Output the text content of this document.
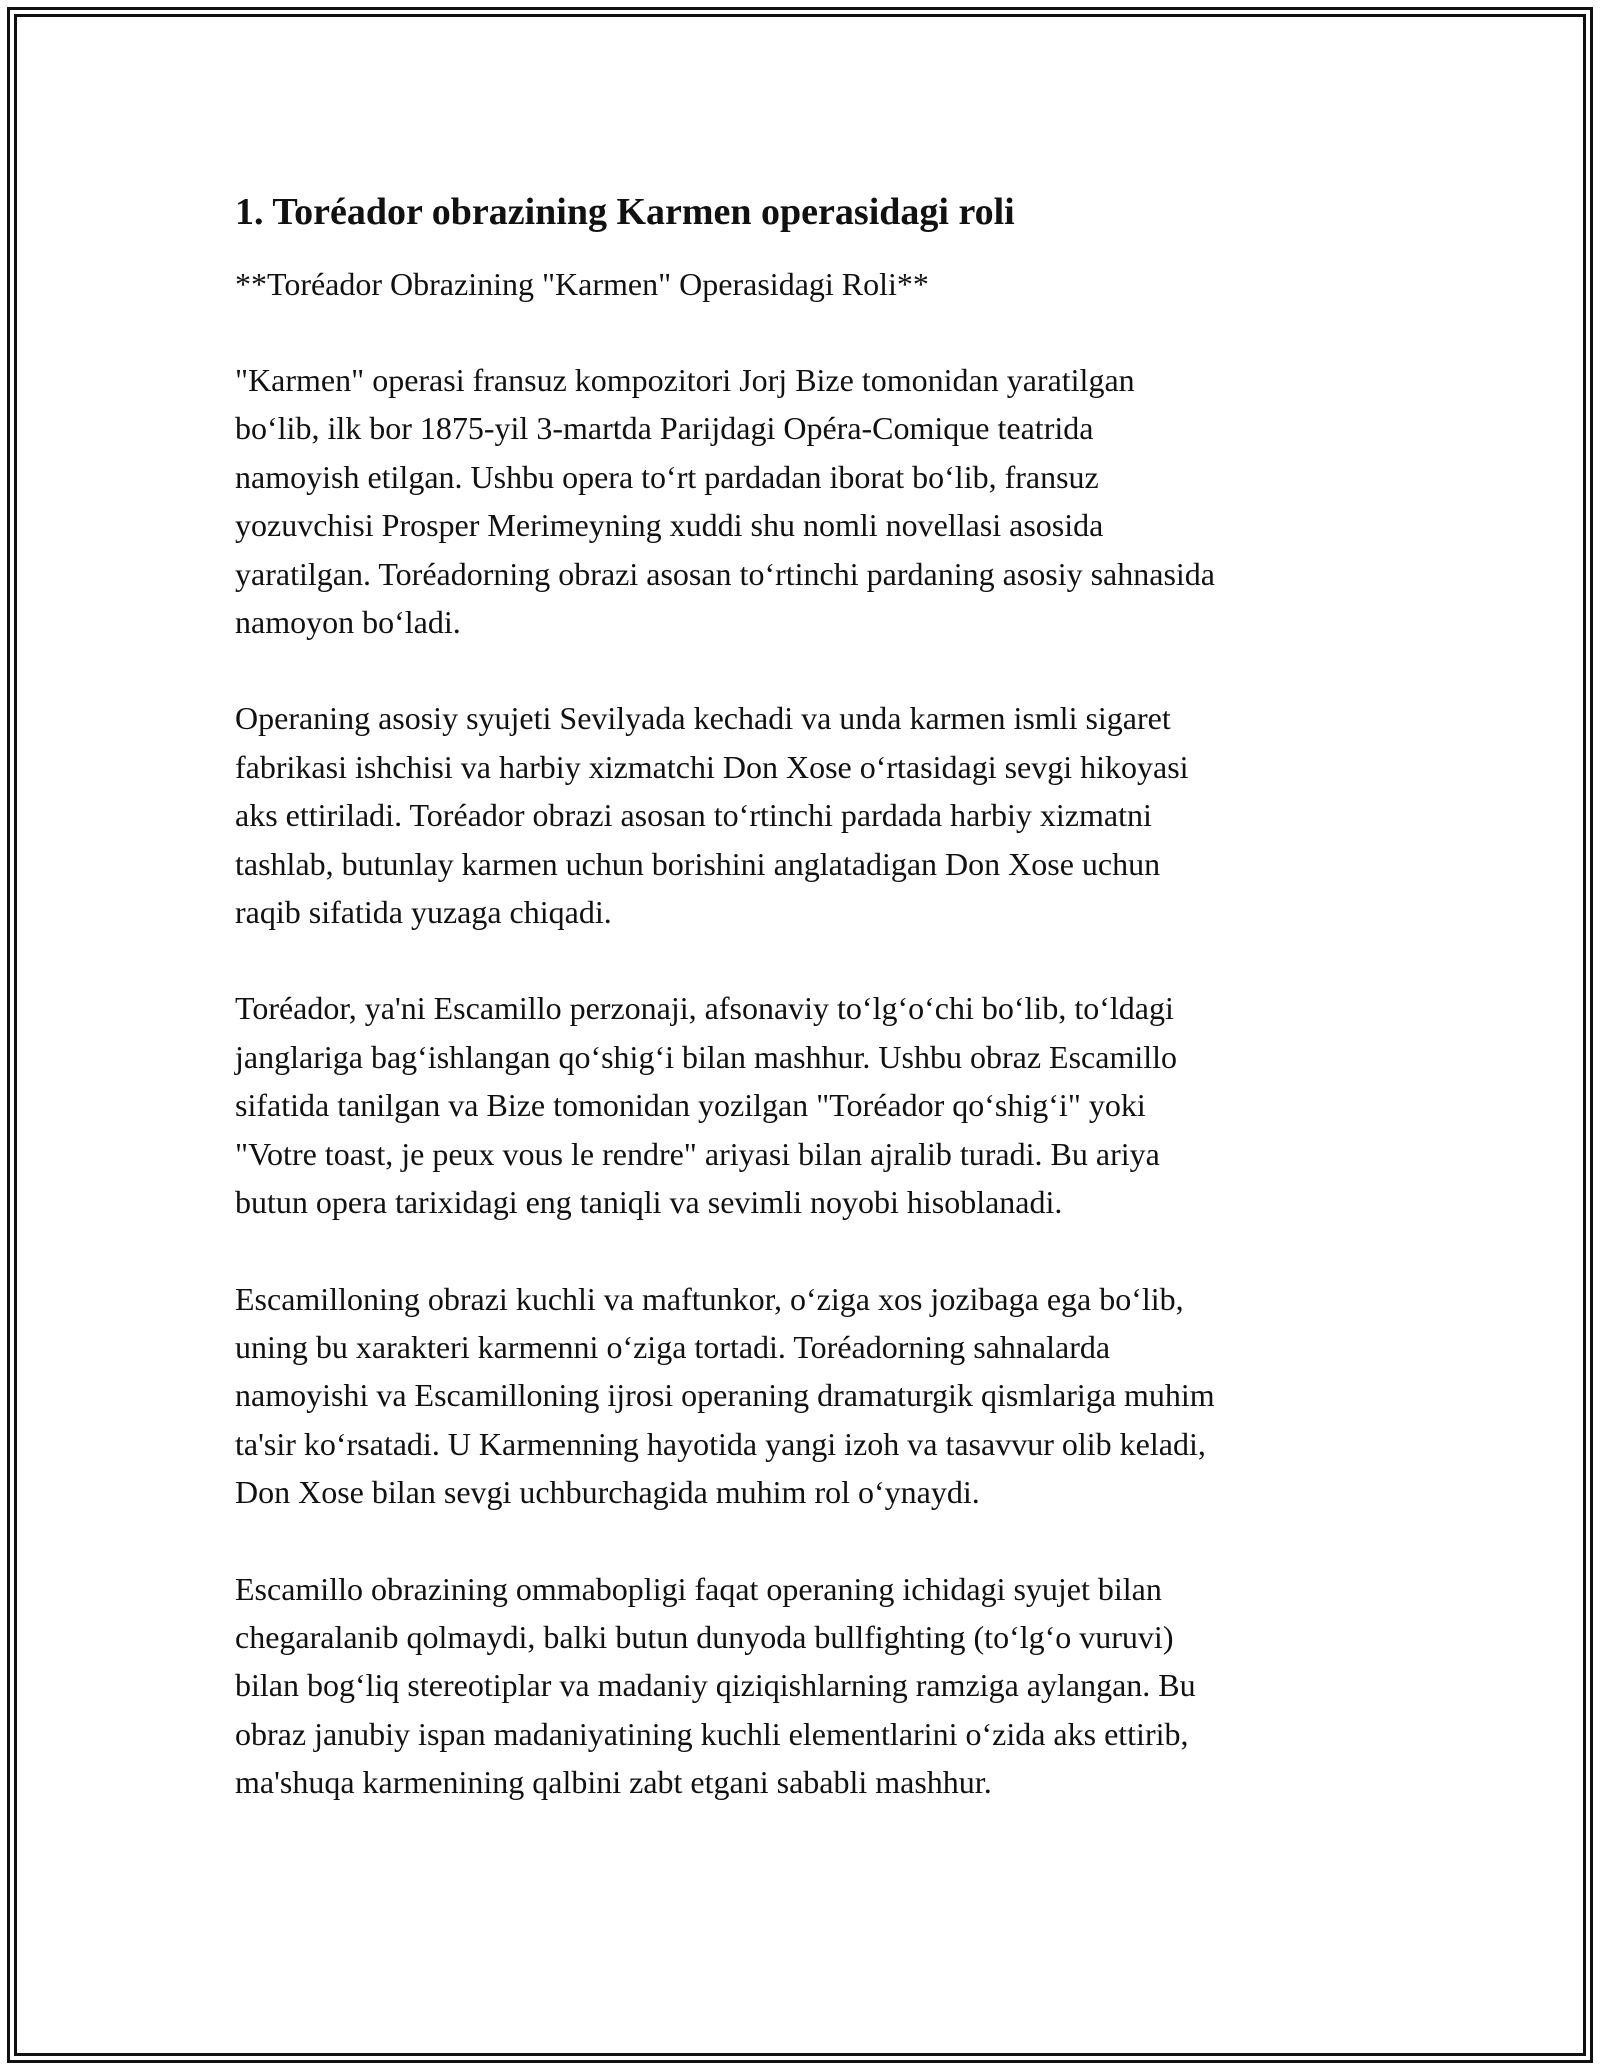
1. Toréador obrazining Karmen operasidagi roli

**Toréador Obrazining "Karmen" Operasidagi Roli**

"Karmen" operasi fransuz kompozitori Jorj Bize tomonidan yaratilgan
boʻlib, ilk bor 1875-yil 3-martda Parijdagi Opéra-Comique teatrida
namoyish etilgan. Ushbu opera toʻrt pardadan iborat boʻlib, fransuz
yozuvchisi Prosper Merimeyning xuddi shu nomli novellasi asosida
yaratilgan. Toréadorning obrazi asosan toʻrtinchi pardaning asosiy sahnasida
namoyon boʻladi.

Operaning asosiy syujeti Sevilyada kechadi va unda karmen ismli sigaret
fabrikasi ishchisi va harbiy xizmatchi Don Xose oʻrtasidagi sevgi hikoyasi
aks ettiriladi. Toréador obrazi asosan toʻrtinchi pardada harbiy xizmatni
tashlab, butunlay karmen uchun borishini anglatadigan Don Xose uchun
raqib sifatida yuzaga chiqadi.

Toréador, ya'ni Escamillo perzonaji, afsonaviy toʻlgʻoʻchi boʻlib, toʻldagi
janglariga bagʻishlangan qoʻshigʻi bilan mashhur. Ushbu obraz Escamillo
sifatida tanilgan va Bize tomonidan yozilgan "Toréador qoʻshigʻi" yoki
"Votre toast, je peux vous le rendre" ariyasi bilan ajralib turadi. Bu ariya
butun opera tarixidagi eng taniqli va sevimli noyobi hisoblanadi.

Escamilloning obrazi kuchli va maftunkor, oʻziga xos jozibaga ega boʻlib,
uning bu xarakteri karmenni oʻziga tortadi. Toréadorning sahnalarda
namoyishi va Escamilloning ijrosi operaning dramaturgik qismlariga muhim
ta'sir koʻrsatadi. U Karmenning hayotida yangi izoh va tasavvur olib keladi,
Don Xose bilan sevgi uchburchagida muhim rol oʻynaydi.

Escamillo obrazining ommabopligi faqat operaning ichidagi syujet bilan
chegaralanib qolmaydi, balki butun dunyoda bullfighting (toʻlgʻo vuruvi)
bilan bogʻliq stereotiplar va madaniy qiziqishlarning ramziga aylangan. Bu
obraz janubiy ispan madaniyatining kuchli elementlarini oʻzida aks ettirib,
ma'shuqa karmenining qalbini zabt etgani sababli mashhur.
